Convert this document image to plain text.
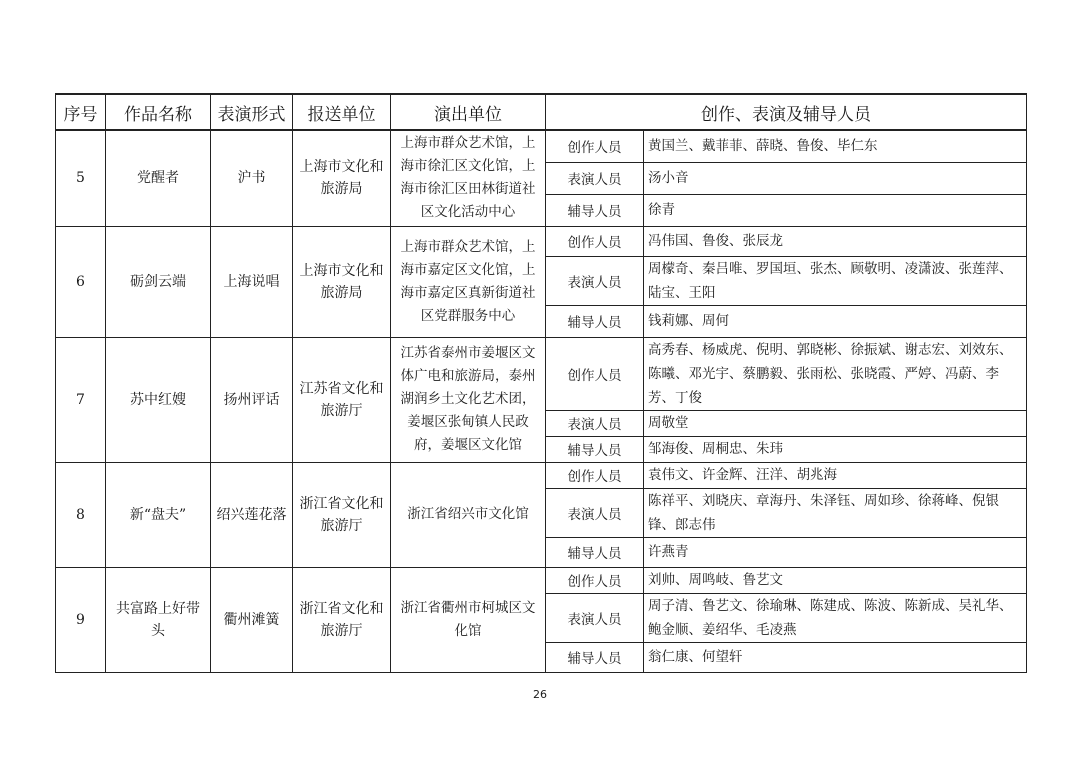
序号	作品名称	表演形式	报送单位	演出单位	创作、表演及辅导人员	
5	党醒者	沪书	上海市文化和旅游局	上海市群众艺术馆，上海市徐汇区文化馆，上海市徐汇区田林街道社区文化活动中心	创作人员	黄国兰、戴菲菲、薛晓、鲁俊、毕仁东
					表演人员	汤小音
					辅导人员	徐青
6	砺剑云端	上海说唱	上海市文化和旅游局	上海市群众艺术馆，上海市嘉定区文化馆，上海市嘉定区真新街道社区党群服务中心	创作人员	冯伟国、鲁俊、张辰龙
					表演人员	周檬奇、秦吕唯、罗国垣、张杰、顾敬明、凌潇波、张莲萍、陆宝、王阳
					辅导人员	钱莉娜、周何
7	苏中红嫂	扬州评话	江苏省文化和旅游厅	江苏省泰州市姜堰区文体广电和旅游局，泰州湖润乡土文化艺术团，姜堰区张甸镇人民政府，姜堰区文化馆	创作人员	高秀春、杨威虎、倪明、郭晓彬、徐振斌、谢志宏、刘效东、陈曦、邓光宇、蔡鹏毅、张雨松、张晓霞、严婷、冯蔚、李芳、丁俊
					表演人员	周敬堂
					辅导人员	邹海俊、周桐忠、朱玮
8	新“盘夫”	绍兴莲花落	浙江省文化和旅游厅	浙江省绍兴市文化馆	创作人员	袁伟文、许金辉、汪洋、胡兆海
					表演人员	陈祥平、刘晓庆、章海丹、朱泽钰、周如珍、徐蒋峰、倪银锋、郎志伟
					辅导人员	许燕青
9	共富路上好带头	衢州滩簧	浙江省文化和旅游厅	浙江省衢州市柯城区文化馆	创作人员	刘帅、周鸣岐、鲁艺文
					表演人员	周子清、鲁艺文、徐瑜琳、陈建成、陈波、陈新成、吴礼华、鲍金顺、姜绍华、毛凌燕
					辅导人员	翁仁康、何望轩
26
